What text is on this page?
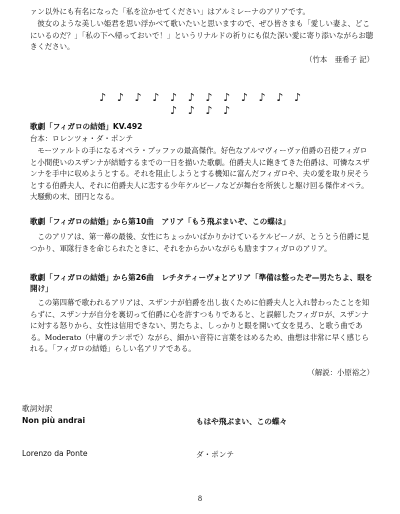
ァン以外にも有名になった「私を泣かせてください」はアルミレーナのアリアです。

彼女のような美しい姫君を思い浮かべて歌いたいと思いますので、ぜひ皆さまも「愛しい妻よ、どこにいるのだ？」「私の下へ帰っておいで！」というリナルドの祈りにも似た深い愛に寄り添いながらお聴きください。

（竹本　亜希子 記）

♪ ♪ ♪ ♪ ♪ ♪ ♪ ♪ ♪ ♪ ♪ ♪ ♪ ♪ ♪ ♪

歌劇「フィガロの結婚」KV.492

台本：ロレンツォ・ダ・ポンテ

モーツァルトの手になるオペラ・ブッファの最高傑作。好色なアルマヴィーヴァ伯爵の召使フィガロと小間使いのスザンナが結婚するまでの一日を描いた歌劇。伯爵夫人に飽きてきた伯爵は、可憐なスザンナを手中に収めようとする。それを阻止しようとする機知に富んだフィガロや、夫の愛を取り戻そうとする伯爵夫人、それに伯爵夫人に恋する少年ケルビーノなどが舞台を所狭しと駆け回る傑作オペラ。大騒動の末、団円となる。

歌劇「フィガロの結婚」から第10曲　アリア「もう飛ぶまいぞ、この蝶は」

このアリアは、第一幕の最後、女性にちょっかいばかりかけているケルビーノが、とうとう伯爵に見つかり、軍隊行きを命じられたときに、それをからかいながらも励ますフィガロのアリア。

歌劇「フィガロの結婚」から第26曲　レチタティーヴォとアリア「準備は整ったぞ—男たちよ、眼を開け」

この第四幕で歌われるアリアは、スザンナが伯爵を出し抜くために伯爵夫人と入れ替わったことを知らずに、スザンナが自分を裏切って伯爵に心を許すつもりであると、と誤解したフィガロが、スザンナに対する怒りから、女性は信用できない、男たちよ、しっかりと眼を開いて女を見ろ、と歌う曲である。Moderato（中庸のテンポで）ながら、細かい音符に言葉をはめるため、曲想は非常に早く感じられる。「フィガロの結婚」らしい名アリアである。

（解説：小原裕之）

歌詞対訳
Non più andrai	もはや飛ぶまい、この蝶々
Lorenzo da Ponte	ダ・ポンテ
8
